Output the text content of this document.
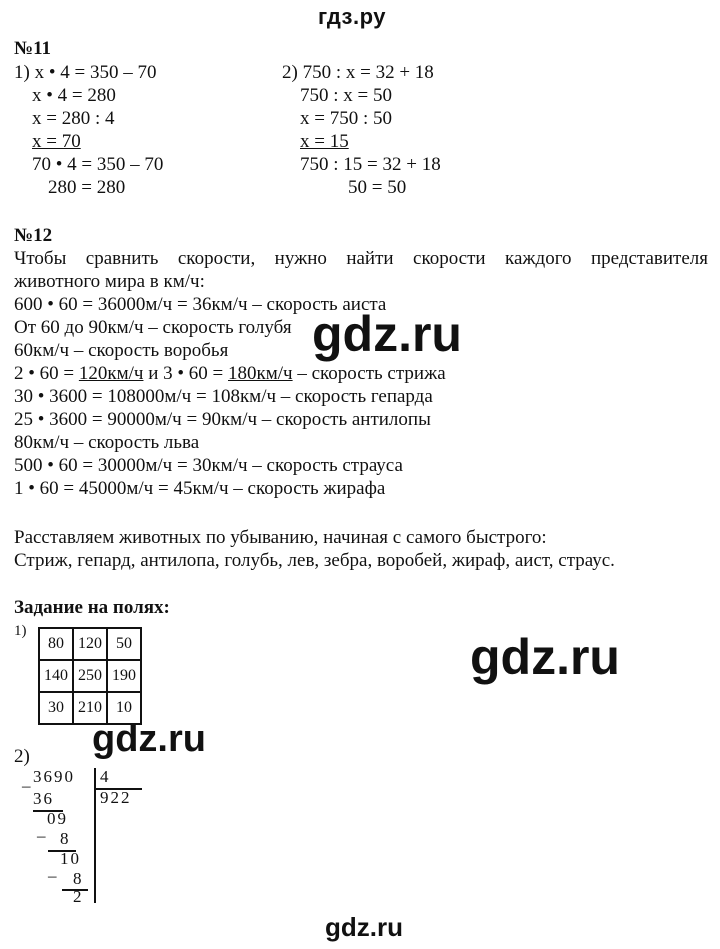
гдз.ру
№11
1) x • 4 = 350 – 70
x • 4 = 280
x = 280 : 4
x = 70
70 • 4 = 350 – 70
280 = 280
2) 750 : x = 32 + 18
750 : x = 50
x = 750 : 50
x = 15
750 : 15 = 32 + 18
50 = 50
№12
Чтобы сравнить скорости, нужно найти скорости каждого представителя
животного мира в км/ч:
600 • 60 = 36000м/ч = 36км/ч – скорость аиста
От 60 до 90км/ч – скорость голубя
60км/ч – скорость воробья
2 • 60 = 120км/ч и 3 • 60 = 180км/ч – скорость стрижа
30 • 3600 = 108000м/ч = 108км/ч – скорость гепарда
25 • 3600 = 90000м/ч = 90км/ч – скорость антилопы
80км/ч – скорость льва
500 • 60 = 30000м/ч = 30км/ч – скорость страуса
1 • 60 = 45000м/ч = 45км/ч – скорость жирафа
Расставляем животных по убыванию, начиная с самого быстрого:
Стриж, гепард, антилопа, голубь, лев, зебра, воробей, жираф, аист, страус.
Задание на полях:
1)
80	120	50
140	250	190
30	210	10
2)
– 3690 4
922
36
09
– 8
10
– 8
2
gdz.ru
gdz.ru
gdz.ru
gdz.ru
